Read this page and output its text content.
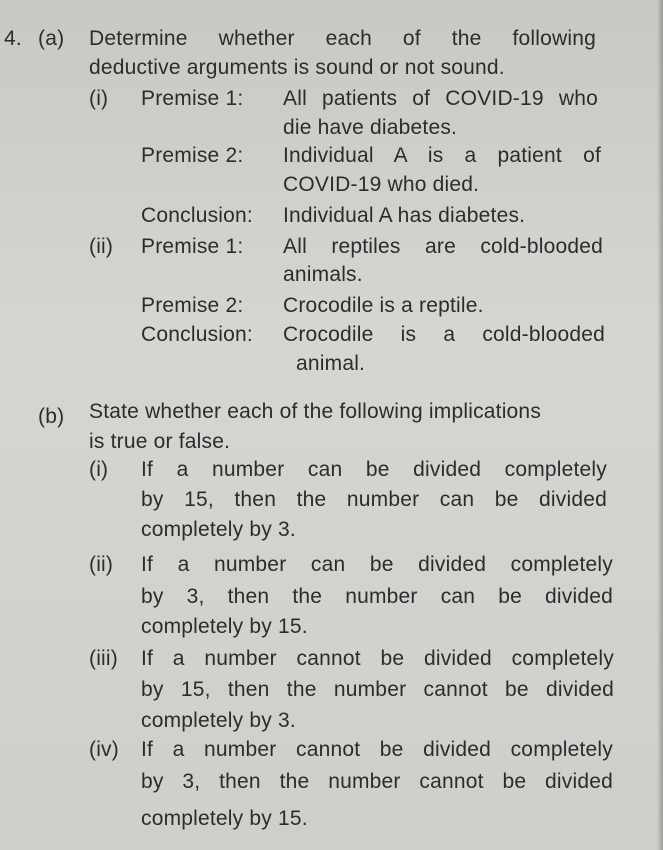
4. (a) Determine whether each of the following
deductive arguments is sound or not sound.
(i) Premise 1: All patients of COVID-19 who
die have diabetes.
Premise 2: Individual A is a patient of
COVID-19 who died.
Conclusion: Individual A has diabetes.
(ii) Premise 1: All reptiles are cold-blooded
animals.
Premise 2: Crocodile is a reptile.
Conclusion: Crocodile is a cold-blooded
animal.
(b) State whether each of the following implications
is true or false.
(i) If a number can be divided completely
by 15, then the number can be divided
completely by 3.
(ii) If a number can be divided completely
by 3, then the number can be divided
completely by 15.
(iii) If a number cannot be divided completely
by 15, then the number cannot be divided
completely by 3.
(iv) If a number cannot be divided completely
by 3, then the number cannot be divided
completely by 15.
